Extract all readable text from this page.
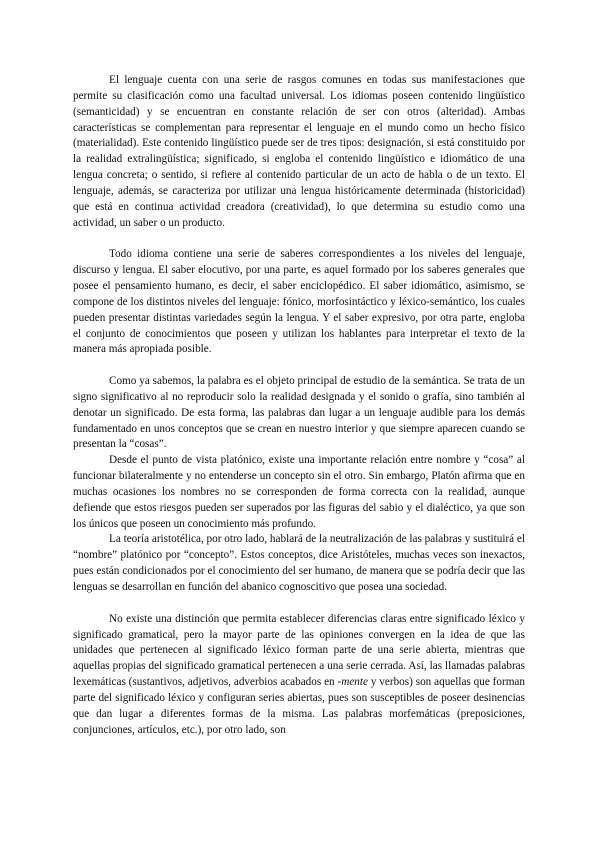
El lenguaje cuenta con una serie de rasgos comunes en todas sus manifestaciones que permite su clasificación como una facultad universal. Los idiomas poseen contenido lingüístico (semanticidad) y se encuentran en constante relación de ser con otros (alteridad). Ambas características se complementan para representar el lenguaje en el mundo como un hecho físico (materialidad). Este contenido lingüístico puede ser de tres tipos: designación, si está constituido por la realidad extralingüística; significado, si engloba el contenido lingüístico e idiomático de una lengua concreta; o sentido, si refiere al contenido particular de un acto de habla o de un texto. El lenguaje, además, se caracteriza por utilizar una lengua históricamente determinada (historicidad) que está en continua actividad creadora (creatividad), lo que determina su estudio como una actividad, un saber o un producto.

Todo idioma contiene una serie de saberes correspondientes a los niveles del lenguaje, discurso y lengua. El saber elocutivo, por una parte, es aquel formado por los saberes generales que posee el pensamiento humano, es decir, el saber enciclopédico. El saber idiomático, asimismo, se compone de los distintos niveles del lenguaje: fónico, morfosintáctico y léxico-semántico, los cuales pueden presentar distintas variedades según la lengua. Y el saber expresivo, por otra parte, engloba el conjunto de conocimientos que poseen y utilizan los hablantes para interpretar el texto de la manera más apropiada posible.

Como ya sabemos, la palabra es el objeto principal de estudio de la semántica. Se trata de un signo significativo al no reproducir solo la realidad designada y el sonido o grafía, sino también al denotar un significado. De esta forma, las palabras dan lugar a un lenguaje audible para los demás fundamentado en unos conceptos que se crean en nuestro interior y que siempre aparecen cuando se presentan la “cosas”.

Desde el punto de vista platónico, existe una importante relación entre nombre y “cosa” al funcionar bilateralmente y no entenderse un concepto sin el otro. Sin embargo, Platón afirma que en muchas ocasiones los nombres no se corresponden de forma correcta con la realidad, aunque defiende que estos riesgos pueden ser superados por las figuras del sabio y el dialéctico, ya que son los únicos que poseen un conocimiento más profundo.

La teoría aristotélica, por otro lado, hablará de la neutralización de las palabras y sustituirá el “nombre” platónico por “concepto”. Estos conceptos, dice Aristóteles, muchas veces son inexactos, pues están condicionados por el conocimiento del ser humano, de manera que se podría decir que las lenguas se desarrollan en función del abanico cognoscitivo que posea una sociedad.

No existe una distinción que permita establecer diferencias claras entre significado léxico y significado gramatical, pero la mayor parte de las opiniones convergen en la idea de que las unidades que pertenecen al significado léxico forman parte de una serie abierta, mientras que aquellas propias del significado gramatical pertenecen a una serie cerrada. Así, las llamadas palabras lexemáticas (sustantivos, adjetivos, adverbios acabados en -mente y verbos) son aquellas que forman parte del significado léxico y configuran series abiertas, pues son susceptibles de poseer desinencias que dan lugar a diferentes formas de la misma. Las palabras morfemáticas (preposiciones, conjunciones, artículos, etc.), por otro lado, son
